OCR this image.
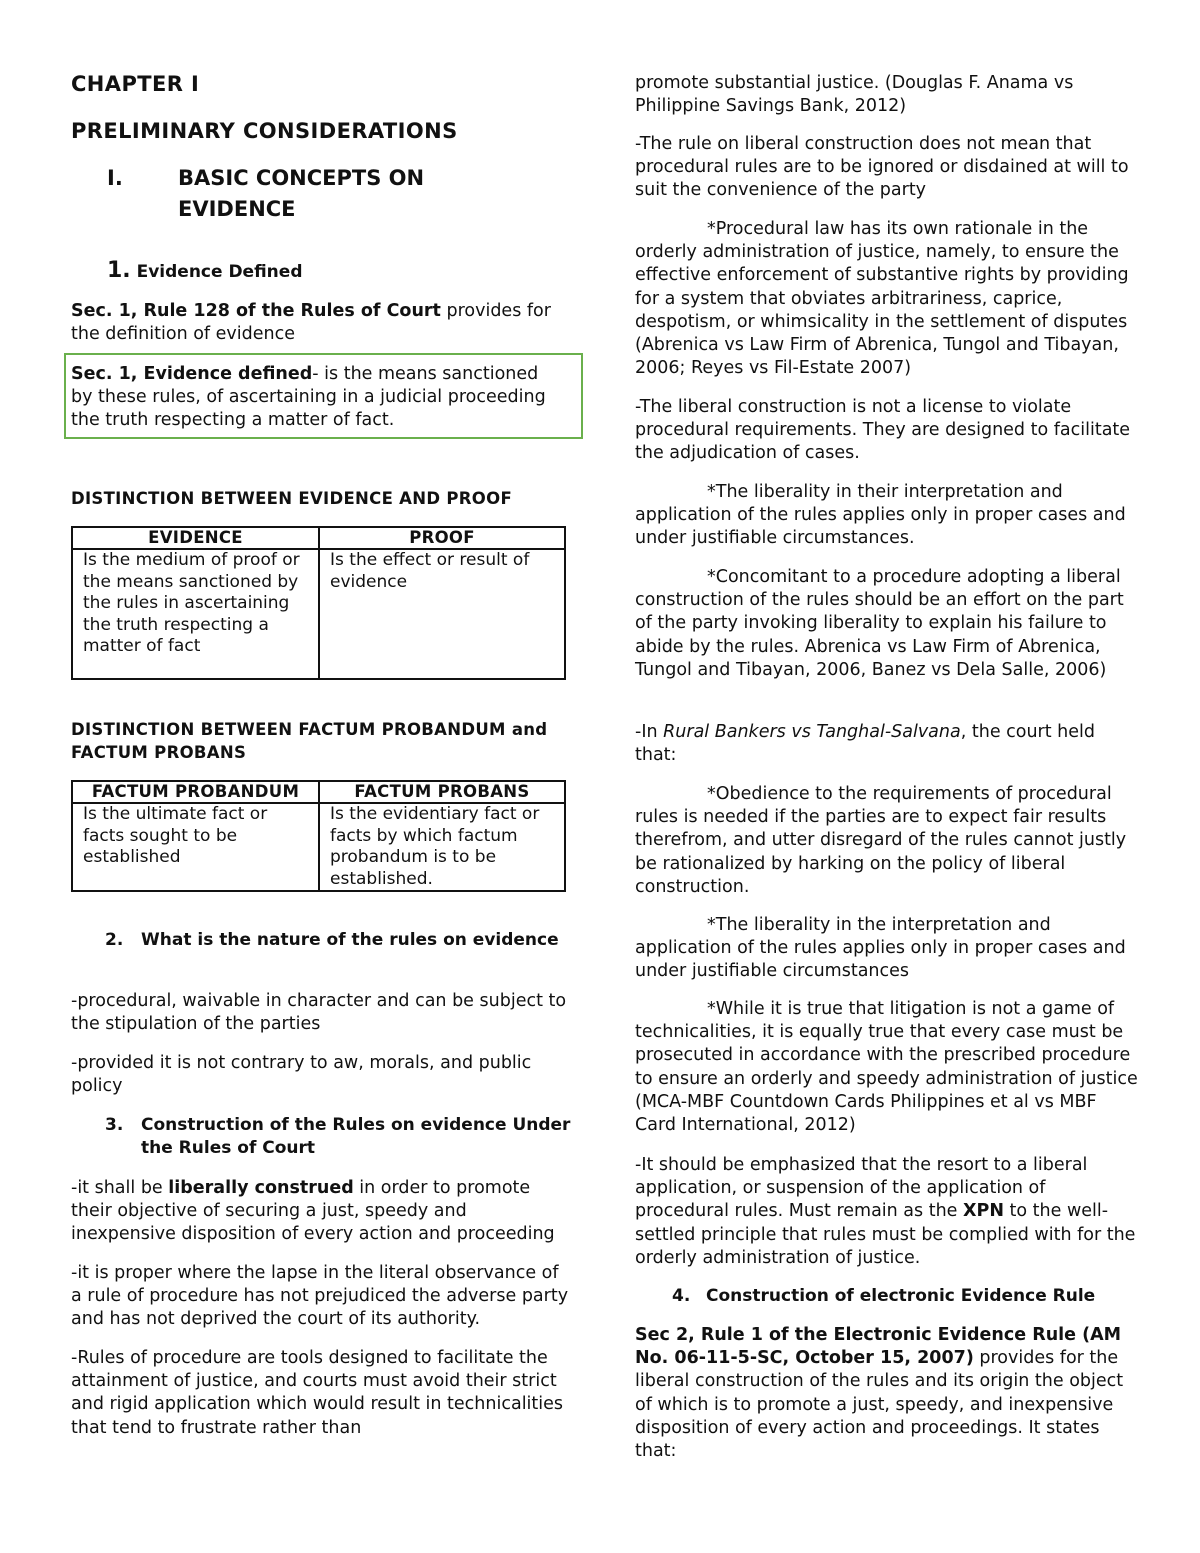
CHAPTER I
PRELIMINARY CONSIDERATIONS
I.	BASIC CONCEPTS ON EVIDENCE
1. Evidence Defined

Sec. 1, Rule 128 of the Rules of Court provides for the definition of evidence

Sec. 1, Evidence defined- is the means sanctioned by these rules, of ascertaining in a judicial proceeding the truth respecting a matter of fact.

DISTINCTION BETWEEN EVIDENCE AND PROOF
EVIDENCE	PROOF
Is the medium of proof or the means sanctioned by the rules in ascertaining the truth respecting a matter of fact	Is the effect or result of evidence

DISTINCTION BETWEEN FACTUM PROBANDUM and FACTUM PROBANS

FACTUM PROBANDUM	FACTUM PROBANS
Is the ultimate fact or facts sought to be established	Is the evidentiary fact or facts by which factum probandum is to be established.
2. What is the nature of the rules on evidence

-procedural, waivable in character and can be subject to the stipulation of the parties

-provided it is not contrary to aw, morals, and public policy

3. Construction of the Rules on evidence Under the Rules of Court

-it shall be liberally construed in order to promote their objective of securing a just, speedy and inexpensive disposition of every action and proceeding

-it is proper where the lapse in the literal observance of a rule of procedure has not prejudiced the adverse party and has not deprived the court of its authority.

-Rules of procedure are tools designed to facilitate the attainment of justice, and courts must avoid their strict and rigid application which would result in technicalities that tend to frustrate rather than

promote substantial justice. (Douglas F. Anama vs Philippine Savings Bank, 2012)

-The rule on liberal construction does not mean that procedural rules are to be ignored or disdained at will to suit the convenience of the party

*Procedural law has its own rationale in the orderly administration of justice, namely, to ensure the effective enforcement of substantive rights by providing for a system that obviates arbitrariness, caprice, despotism, or whimsicality in the settlement of disputes (Abrenica vs Law Firm of Abrenica, Tungol and Tibayan, 2006; Reyes vs Fil-Estate 2007)

-The liberal construction is not a license to violate procedural requirements. They are designed to facilitate the adjudication of cases.

*The liberality in their interpretation and application of the rules applies only in proper cases and under justifiable circumstances.

*Concomitant to a procedure adopting a liberal construction of the rules should be an effort on the part of the party invoking liberality to explain his failure to abide by the rules. Abrenica vs Law Firm of Abrenica, Tungol and Tibayan, 2006, Banez vs Dela Salle, 2006)

-In Rural Bankers vs Tanghal-Salvana, the court held that:

*Obedience to the requirements of procedural rules is needed if the parties are to expect fair results therefrom, and utter disregard of the rules cannot justly be rationalized by harking on the policy of liberal construction.

*The liberality in the interpretation and application of the rules applies only in proper cases and under justifiable circumstances

*While it is true that litigation is not a game of technicalities, it is equally true that every case must be prosecuted in accordance with the prescribed procedure to ensure an orderly and speedy administration of justice (MCA-MBF Countdown Cards Philippines et al vs MBF Card International, 2012)

-It should be emphasized that the resort to a liberal application, or suspension of the application of procedural rules. Must remain as the XPN to the well-settled principle that rules must be complied with for the orderly administration of justice.

4. Construction of electronic Evidence Rule

Sec 2, Rule 1 of the Electronic Evidence Rule (AM No. 06-11-5-SC, October 15, 2007) provides for the liberal construction of the rules and its origin the object of which is to promote a just, speedy, and inexpensive disposition of every action and proceedings. It states that:
